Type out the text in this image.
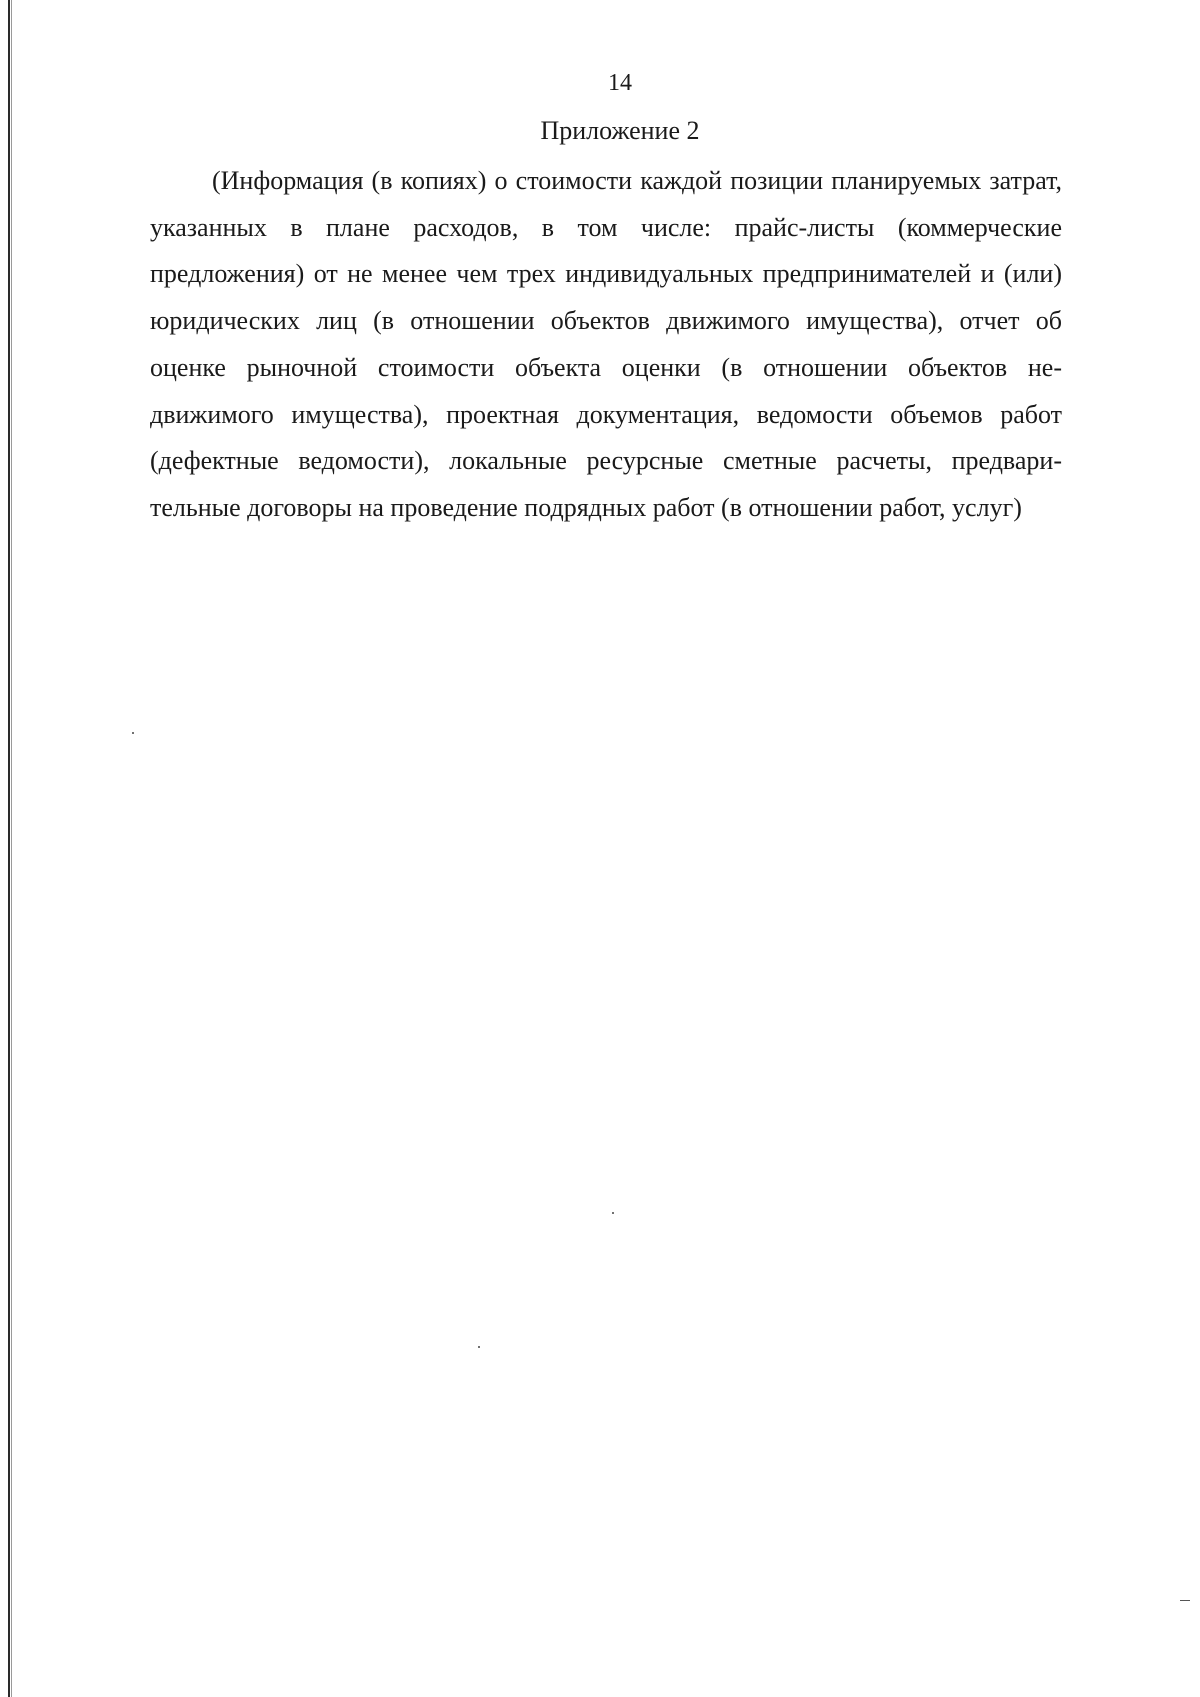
14
Приложение 2

(Информация (в копиях) о стоимости каждой позиции планируемых затрат, указанных в плане расходов, в том числе: прайс-листы (коммерческие предложения) от не менее чем трех индивидуальных предпринимателей и (или) юридических лиц (в отношении объектов движимого имущества), отчет об оценке рыночной стоимости объекта оценки (в отношении объектов недвижимого имущества), проектная документация, ведомости объемов работ (дефектные ведомости), локальные ресурсные сметные расчеты, предварительные договоры на проведение подрядных работ (в отношении работ, услуг)
